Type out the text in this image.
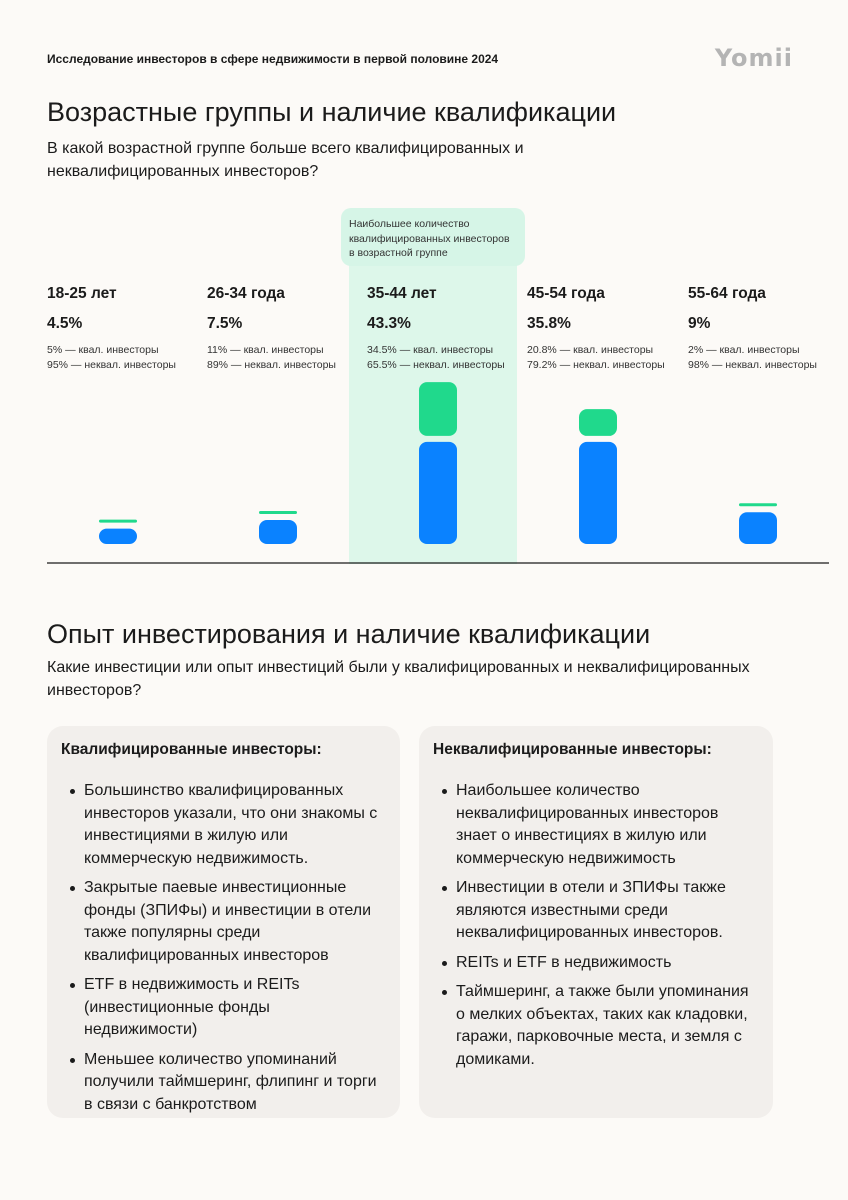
Исследование инвесторов в сфере недвижимости в первой половине 2024	Yomii
Возрастные группы и наличие квалификации
В какой возрастной группе больше всего квалифицированных и неквалифицированных инвесторов?
Наибольшее количество квалифицированных инвесторов в возрастной группе
18-25 лет
4.5%
5% — квал. инвесторы
95% — неквал. инвесторы
26-34 года
7.5%
11% — квал. инвесторы
89% — неквал. инвесторы
35-44 лет
43.3%
34.5% — квал. инвесторы
65.5% — неквал. инвесторы
45-54 года
35.8%
20.8% — квал. инвесторы
79.2% — неквал. инвесторы
55-64 года
9%
2% — квал. инвесторы
98% — неквал. инвесторы
Опыт инвестирования и наличие квалификации
Какие инвестиции или опыт инвестиций были у квалифицированных и неквалифицированных инвесторов?
Квалифицированные инвесторы:
Большинство квалифицированных инвесторов указали, что они знакомы с инвестициями в жилую или коммерческую недвижимость.
Закрытые паевые инвестиционные фонды (ЗПИФы) и инвестиции в отели также популярны среди квалифицированных инвесторов
ETF в недвижимость и REITs (инвестиционные фонды недвижимости)
Меньшее количество упоминаний получили таймшеринг, флипинг и торги в связи с банкротством
Неквалифицированные инвесторы:
Наибольшее количество неквалифицированных инвесторов знает о инвестициях в жилую или коммерческую недвижимость
Инвестиции в отели и ЗПИФы также являются известными среди неквалифицированных инвесторов.
REITs и ETF в недвижимость
Таймшеринг, а также были упоминания о мелких объектах, таких как кладовки, гаражи, парковочные места, и земля с домиками.
